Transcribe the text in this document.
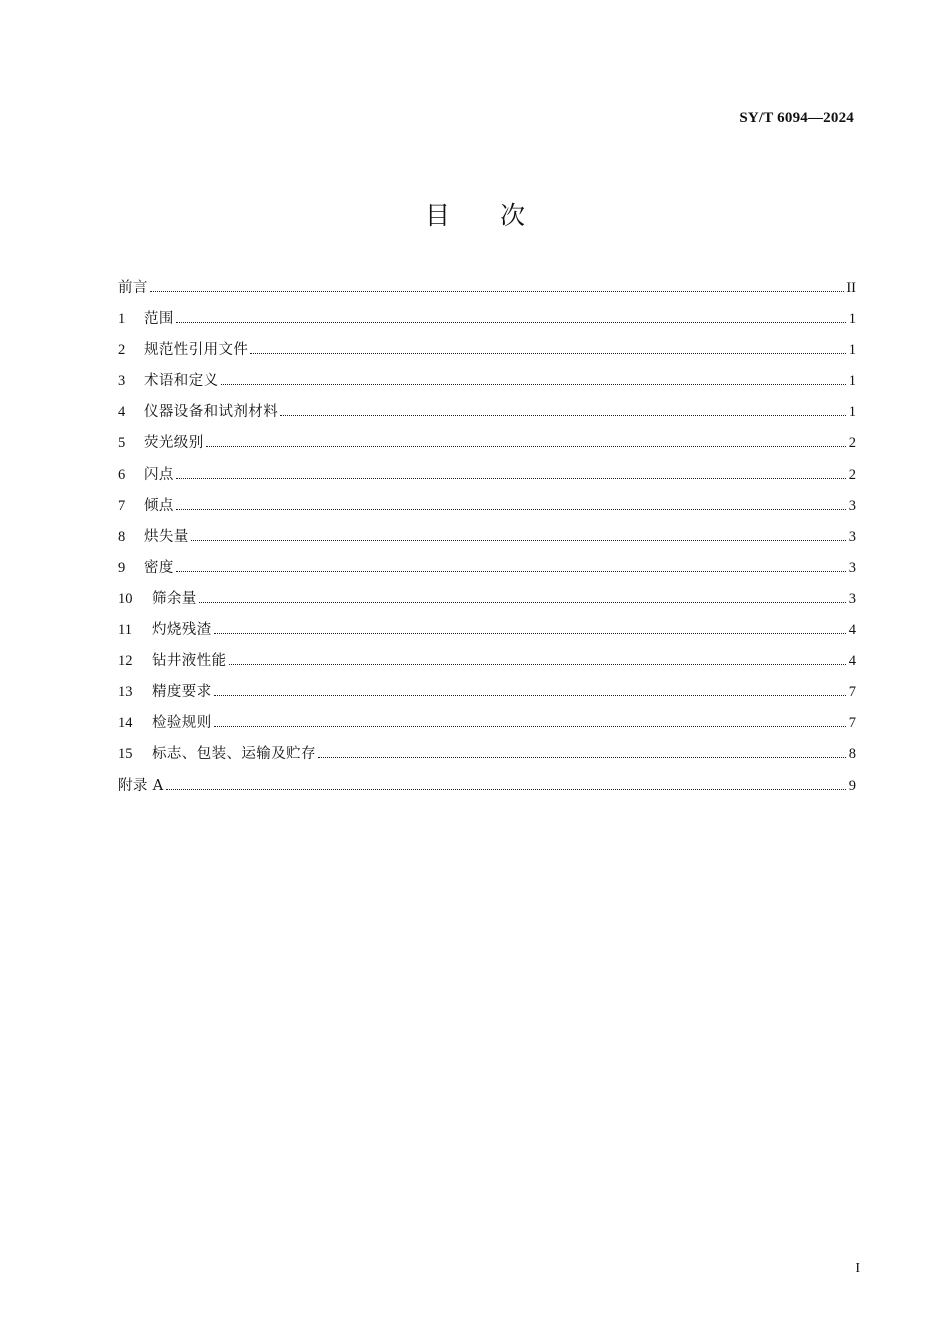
SY/T 6094—2024
目 次
前言	II
1	范围	1
2	规范性引用文件	1
3	术语和定义	1
4	仪器设备和试剂材料	1
5	荧光级别	2
6	闪点	2
7	倾点	3
8	烘失量	3
9	密度	3
10	筛余量	3
11	灼烧残渣	4
12	钻井液性能	4
13	精度要求	7
14	检验规则	7
15	标志、包装、运输及贮存	8
附录 A	9
I
